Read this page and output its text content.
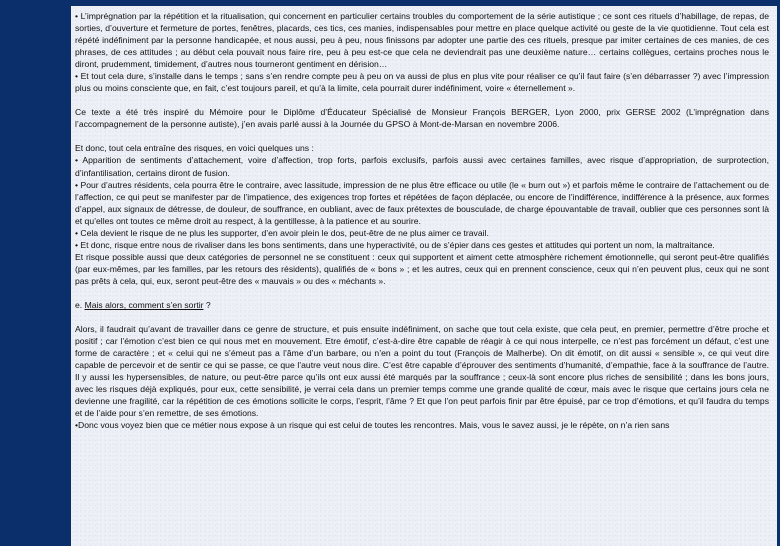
• L’imprégnation par la répétition et la ritualisation, qui concernent en particulier certains troubles du comportement de la série autistique ; ce sont ces rituels d’habillage, de repas, de sorties, d’ouverture et fermeture de portes, fenêtres, placards, ces tics, ces manies, indispensables pour mettre en place quelque activité ou geste de la vie quotidienne. Tout cela est répété indéfiniment par la personne handicapée, et nous aussi, peu à peu, nous finissons par adopter une partie des ces rituels, presque par imiter certaines de ces manies, de ces phrases, de ces attitudes ; au début cela pouvait nous faire rire, peu à peu est-ce que cela ne deviendrait pas une deuxième nature… certains collègues, certains proches nous le diront, prudemment, timidement, d’autres nous tourneront gentiment en dérision…

• Et tout cela dure, s’installe dans le temps ; sans s’en rendre compte peu à peu on va aussi de plus en plus vite pour réaliser ce qu’il faut faire (s’en débarrasser ?) avec l’impression plus ou moins consciente que, en fait, c’est toujours pareil, et qu’à la limite, cela pourrait durer indéfiniment, voire « éternellement ».

Ce texte a été très inspiré du Mémoire pour le Diplôme d’Éducateur Spécialisé de Monsieur François BERGER, Lyon 2000, prix GERSE 2002 (L’imprégnation dans l’accompagnement de la personne autiste), j’en avais parlé aussi à la Journée du GPSO à Mont-de-Marsan en novembre 2006.

Et donc, tout cela entraîne des risques, en voici quelques uns :

• Apparition de sentiments d’attachement, voire d’affection, trop forts, parfois exclusifs, parfois aussi avec certaines familles, avec risque d’appropriation, de surprotection, d’infantilisation, certains diront de fusion.

• Pour d’autres résidents, cela pourra être le contraire, avec lassitude, impression de ne plus être efficace ou utile (le « burn out ») et parfois même le contraire de l’attachement ou de l’affection, ce qui peut se manifester par de l’impatience, des exigences trop fortes et répétées de façon déplacée, ou encore de l’indifférence, indifférence à la présence, aux formes d’appel, aux signaux de détresse, de douleur, de souffrance, en oubliant, avec de faux prétextes de bousculade, de charge épouvantable de travail, oublier que ces personnes sont là et qu’elles ont toutes ce même droit au respect, à la gentillesse, à la patience et au sourire.

• Cela devient le risque de ne plus les supporter, d’en avoir plein le dos, peut-être de ne plus aimer ce travail.

• Et donc, risque entre nous de rivaliser dans les bons sentiments, dans une hyperactivité, ou de s’épier dans ces gestes et attitudes qui portent un nom, la maltraitance.

Et risque possible aussi que deux catégories de personnel ne se constituent : ceux qui supportent et aiment cette atmosphère richement émotionnelle, qui seront peut-être qualifiés (par eux-mêmes, par les familles, par les retours des résidents), qualifiés de « bons » ; et les autres, ceux qui en prennent conscience, ceux qui n’en peuvent plus, ceux qui ne sont pas prêts à cela, qui, eux, seront peut-être des « mauvais » ou des « méchants ».

e. Mais alors, comment s’en sortir ?

Alors, il faudrait qu’avant de travailler dans ce genre de structure, et puis ensuite indéfiniment, on sache que tout cela existe, que cela peut, en premier, permettre d’être proche et positif ; car l’émotion c’est bien ce qui nous met en mouvement. Etre émotif, c’est-à-dire être capable de réagir à ce qui nous interpelle, ce n’est pas forcément un défaut, c’est une forme de caractère ; et « celui qui ne s’émeut pas a l’âme d’un barbare, ou n’en a point du tout (François de Malherbe). On dit émotif, on dit aussi « sensible », ce qui veut dire capable de percevoir et de sentir ce qui se passe, ce que l’autre veut nous dire. C’est être capable d’éprouver des sentiments d’humanité, d’empathie, face à la souffrance de l’autre. Il y aussi les hypersensibles, de nature, ou peut-être parce qu’ils ont eux aussi été marqués par la souffrance ; ceux-là sont encore plus riches de sensibilité ; dans les bons jours, avec les risques déjà expliqués, pour eux, cette sensibilité, je verrai cela dans un premier temps comme une grande qualité de cœur, mais avec le risque que certains jours cela ne devienne une fragilité, car la répétition de ces émotions sollicite le corps, l’esprit, l’âme ? Et que l’on peut parfois finir par être épuisé, par ce trop d’émotions, et qu’il faudra du temps et de l’aide pour s’en remettre, de ses émotions.

•Donc vous voyez bien que ce métier nous expose à un risque qui est celui de toutes les rencontres. Mais, vous le savez aussi, je le répète, on n’a rien sans
